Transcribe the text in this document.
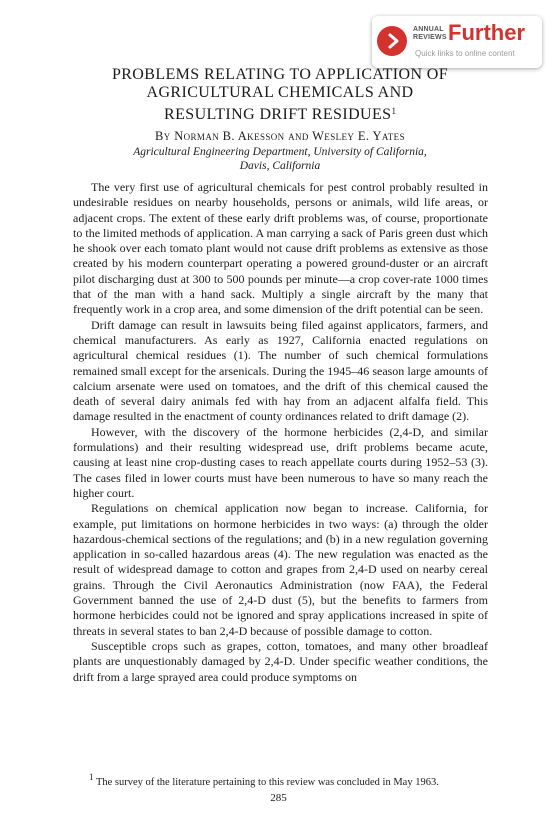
ANNUAL
REVIEWS Further
Quick links to online content
PROBLEMS RELATING TO APPLICATION OF
AGRICULTURAL CHEMICALS AND
RESULTING DRIFT RESIDUES$^1$
By Norman B. Akesson and Wesley E. Yates
Agricultural Engineering Department, University of California,
Davis, California

The very first use of agricultural chemicals for pest control probably resulted in undesirable residues on nearby households, persons or animals, wild life areas, or adjacent crops. The extent of these early drift problems was, of course, proportionate to the limited methods of application. A man carrying a sack of Paris green dust which he shook over each tomato plant would not cause drift problems as extensive as those created by his modern counterpart operating a powered ground-duster or an aircraft pilot discharging dust at 300 to 500 pounds per minute—a crop cover-rate 1000 times that of the man with a hand sack. Multiply a single aircraft by the many that frequently work in a crop area, and some dimension of the drift potential can be seen.

Drift damage can result in lawsuits being filed against applicators, farmers, and chemical manufacturers. As early as 1927, California enacted regulations on agricultural chemical residues (1). The number of such chemical formulations remained small except for the arsenicals. During the 1945–46 season large amounts of calcium arsenate were used on tomatoes, and the drift of this chemical caused the death of several dairy animals fed with hay from an adjacent alfalfa field. This damage resulted in the enactment of county ordinances related to drift damage (2).

However, with the discovery of the hormone herbicides (2,4-D, and similar formulations) and their resulting widespread use, drift problems became acute, causing at least nine crop-dusting cases to reach appellate courts during 1952–53 (3). The cases filed in lower courts must have been numerous to have so many reach the higher court.

Regulations on chemical application now began to increase. California, for example, put limitations on hormone herbicides in two ways: (a) through the older hazardous-chemical sections of the regulations; and (b) in a new regulation governing application in so-called hazardous areas (4). The new regulation was enacted as the result of widespread damage to cotton and grapes from 2,4-D used on nearby cereal grains. Through the Civil Aeronautics Administration (now FAA), the Federal Government banned the use of 2,4-D dust (5), but the benefits to farmers from hormone herbicides could not be ignored and spray applications increased in spite of threats in several states to ban 2,4-D because of possible damage to cotton.

Susceptible crops such as grapes, cotton, tomatoes, and many other broadleaf plants are unquestionably damaged by 2,4-D. Under specific weather conditions, the drift from a large sprayed area could produce symptoms on

1 The survey of the literature pertaining to this review was concluded in May 1963.
285
